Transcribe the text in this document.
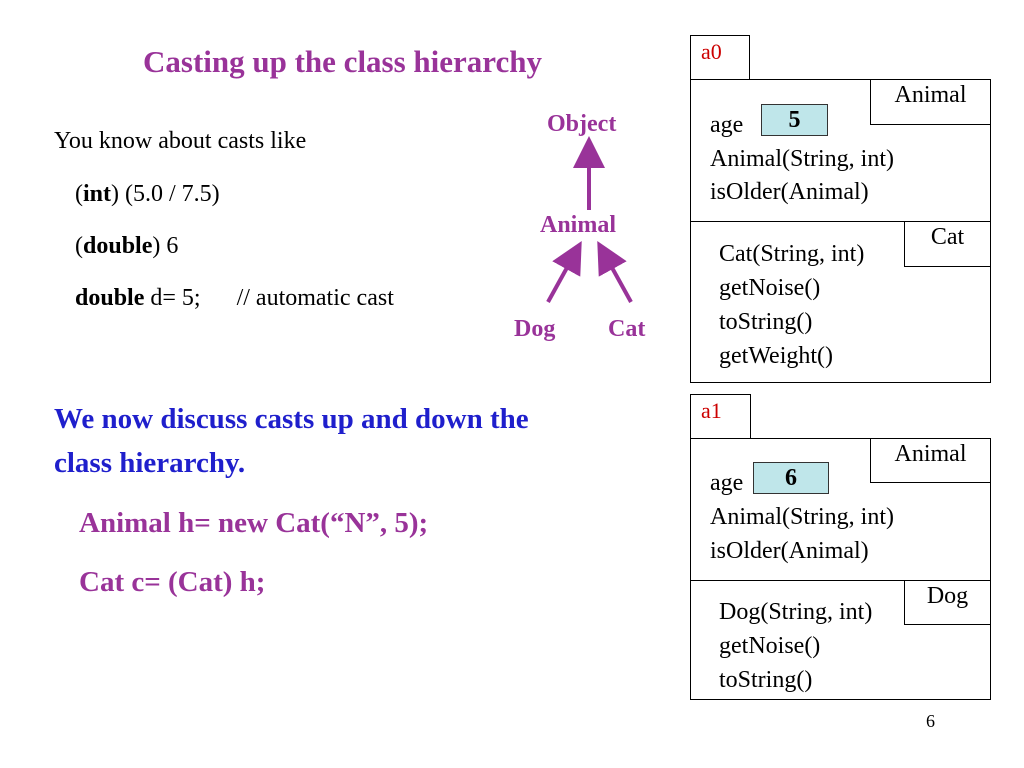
Casting up the class hierarchy
You know about casts like
(int) (5.0 / 7.5)
(double) 6
double d= 5; // automatic cast
Object
Animal
Dog Cat
We now discuss casts up and down the
class hierarchy.
Animal h= new Cat(“N”, 5);
Cat c= (Cat) h;
a0
Animal
age	5
Animal(String, int)
isOlder(Animal)
Cat
Cat(String, int)
getNoise()
toString()
getWeight()
a1
Animal
age	6
Animal(String, int)
isOlder(Animal)
Dog
Dog(String, int)
getNoise()
toString()
6
